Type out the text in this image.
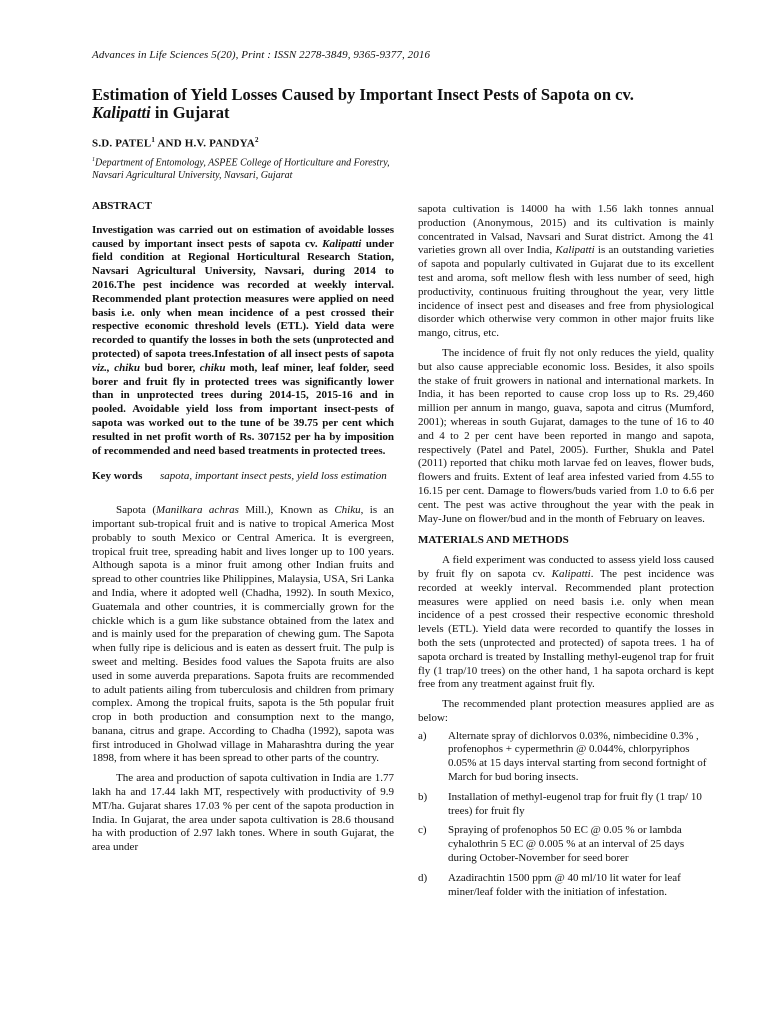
Advances in Life Sciences 5(20), Print : ISSN 2278-3849, 9365-9377, 2016
Estimation of Yield Losses Caused by Important Insect Pests of Sapota on cv.
Kalipatti in Gujarat
S.D. PATEL$^1$ AND H.V. PANDYA$^2$
$^1$Department of Entomology, ASPEE College of Horticulture and Forestry,
Navsari Agricultural University, Navsari, Gujarat
ABSTRACT
Investigation was carried out on estimation of avoidable losses caused by important insect pests of sapota cv. Kalipatti under field condition at Regional Horticultural Research Station, Navsari Agricultural University, Navsari, during 2014 to 2016.The pest incidence was recorded at weekly interval. Recommended plant protection measures were applied on need basis i.e. only when mean incidence of a pest crossed their respective economic threshold levels (ETL). Yield data were recorded to quantify the losses in both the sets (unprotected and protected) of sapota trees.Infestation of all insect pests of sapota viz., chiku bud borer, chiku moth, leaf miner, leaf folder, seed borer and fruit fly in protected trees was significantly lower than in unprotected trees during 2014-15, 2015-16 and in pooled. Avoidable yield loss from important insect-pests of sapota was worked out to the tune of be 39.75 per cent which resulted in net profit worth of Rs. 307152 per ha by imposition of recommended and need based treatments in protected trees.
Key words	sapota, important insect pests, yield loss estimation

Sapota (Manilkara achras Mill.), Known as Chiku, is an important sub-tropical fruit and is native to tropical America Most probably to south Mexico or Central America. It is evergreen, tropical fruit tree, spreading habit and lives longer up to 100 years. Although sapota is a minor fruit among other Indian fruits and spread to other countries like Philippines, Malaysia, USA, Sri Lanka and India, where it adopted well (Chadha, 1992). In south Mexico, Guatemala and other countries, it is commercially grown for the chickle which is a gum like substance obtained from the latex and and is mainly used for the preparation of chewing gum. The Sapota when fully ripe is delicious and is eaten as dessert fruit. The pulp is sweet and melting. Besides food values the Sapota fruits are also used in some auverda preparations. Sapota fruits are recommended to adult patients ailing from tuberculosis and children from primary complex. Among the tropical fruits, sapota is the 5th popular fruit crop in both production and consumption next to the mango, banana, citrus and grape. According to Chadha (1992), sapota was first introduced in Gholwad village in Maharashtra during the year 1898, from where it has been spread to other parts of the country.

The area and production of sapota cultivation in India are 1.77 lakh ha and 17.44 lakh MT, respectively with productivity of 9.9 MT/ha. Gujarat shares 17.03 % per cent of the sapota production in India. In Gujarat, the area under sapota cultivation is 28.6 thousand ha with production of 2.97 lakh tones. Where in south Gujarat, the area under

sapota cultivation is 14000 ha with 1.56 lakh tonnes annual production (Anonymous, 2015) and its cultivation is mainly concentrated in Valsad, Navsari and Surat district. Among the 41 varieties grown all over India, Kalipatti is an outstanding varieties of sapota and popularly cultivated in Gujarat due to its excellent test and aroma, soft mellow flesh with less number of seed, high productivity, continuous fruiting throughout the year, very little incidence of insect pest and diseases and free from physiological disorder which otherwise very common in other major fruits like mango, citrus, etc.

The incidence of fruit fly not only reduces the yield, quality but also cause appreciable economic loss. Besides, it also spoils the stake of fruit growers in national and international markets. In India, it has been reported to cause crop loss up to Rs. 29,460 million per annum in mango, guava, sapota and citrus (Mumford, 2001); whereas in south Gujarat, damages to the tune of 16 to 40 and 4 to 2 per cent have been reported in mango and sapota, respectively (Patel and Patel, 2005). Further, Shukla and Patel (2011) reported that chiku moth larvae fed on leaves, flower buds, flowers and fruits. Extent of leaf area infested varied from 4.55 to 16.15 per cent. Damage to flowers/buds varied from 1.0 to 6.6 per cent. The pest was active throughout the year with the peak in May-June on flower/bud and in the month of February on leaves.

MATERIALS AND METHODS

A field experiment was conducted to assess yield loss caused by fruit fly on sapota cv. Kalipatti. The pest incidence was recorded at weekly interval. Recommended plant protection measures were applied on need basis i.e. only when mean incidence of a pest crossed their respective economic threshold levels (ETL). Yield data were recorded to quantify the losses in both the sets (unprotected and protected) of sapota trees. 1 ha of sapota orchard is treated by Installing methyl-eugenol trap for fruit fly (1 trap/10 trees) on the other hand, 1 ha sapota orchard is kept free from any treatment against fruit fly.

The recommended plant protection measures applied are as below:

a)	Alternate spray of dichlorvos 0.03%, nimbecidine 0.3% , profenophos + cypermethrin @ 0.044%, chlorpyriphos 0.05% at 15 days interval starting from second fortnight of March for bud boring insects.
b)	Installation of methyl-eugenol trap for fruit fly (1 trap/ 10 trees) for fruit fly
c)	Spraying of profenophos 50 EC @ 0.05 % or lambda cyhalothrin 5 EC @ 0.005 % at an interval of 25 days during October-November for seed borer
d)	Azadirachtin 1500 ppm @ 40 ml/10 lit water for leaf miner/leaf folder with the initiation of infestation.
